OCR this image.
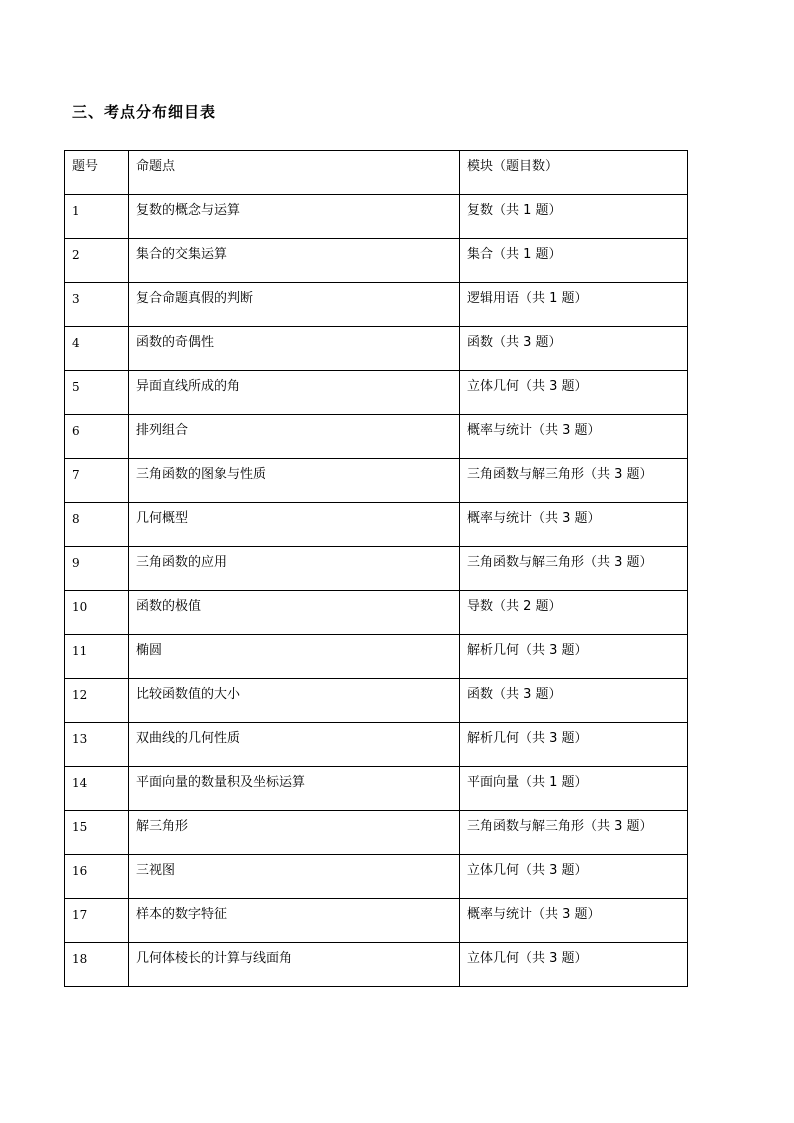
三、考点分布细目表
题号	命题点	模块（题目数）

1	复数的概念与运算	复数（共 1 题）

2	集合的交集运算	集合（共 1 题）

3	复合命题真假的判断	逻辑用语（共 1 题）

4	函数的奇偶性	函数（共 3 题）

5	异面直线所成的角	立体几何（共 3 题）

6	排列组合	概率与统计（共 3 题）

7	三角函数的图象与性质	三角函数与解三角形（共 3 题）

8	几何概型	概率与统计（共 3 题）

9	三角函数的应用	三角函数与解三角形（共 3 题）

10	函数的极值	导数（共 2 题）

11	椭圆	解析几何（共 3 题）

12	比较函数值的大小	函数（共 3 题）

13	双曲线的几何性质	解析几何（共 3 题）

14	平面向量的数量积及坐标运算	平面向量（共 1 题）

15	解三角形	三角函数与解三角形（共 3 题）

16	三视图	立体几何（共 3 题）

17	样本的数字特征	概率与统计（共 3 题）

18	几何体棱长的计算与线面角	立体几何（共 3 题）
